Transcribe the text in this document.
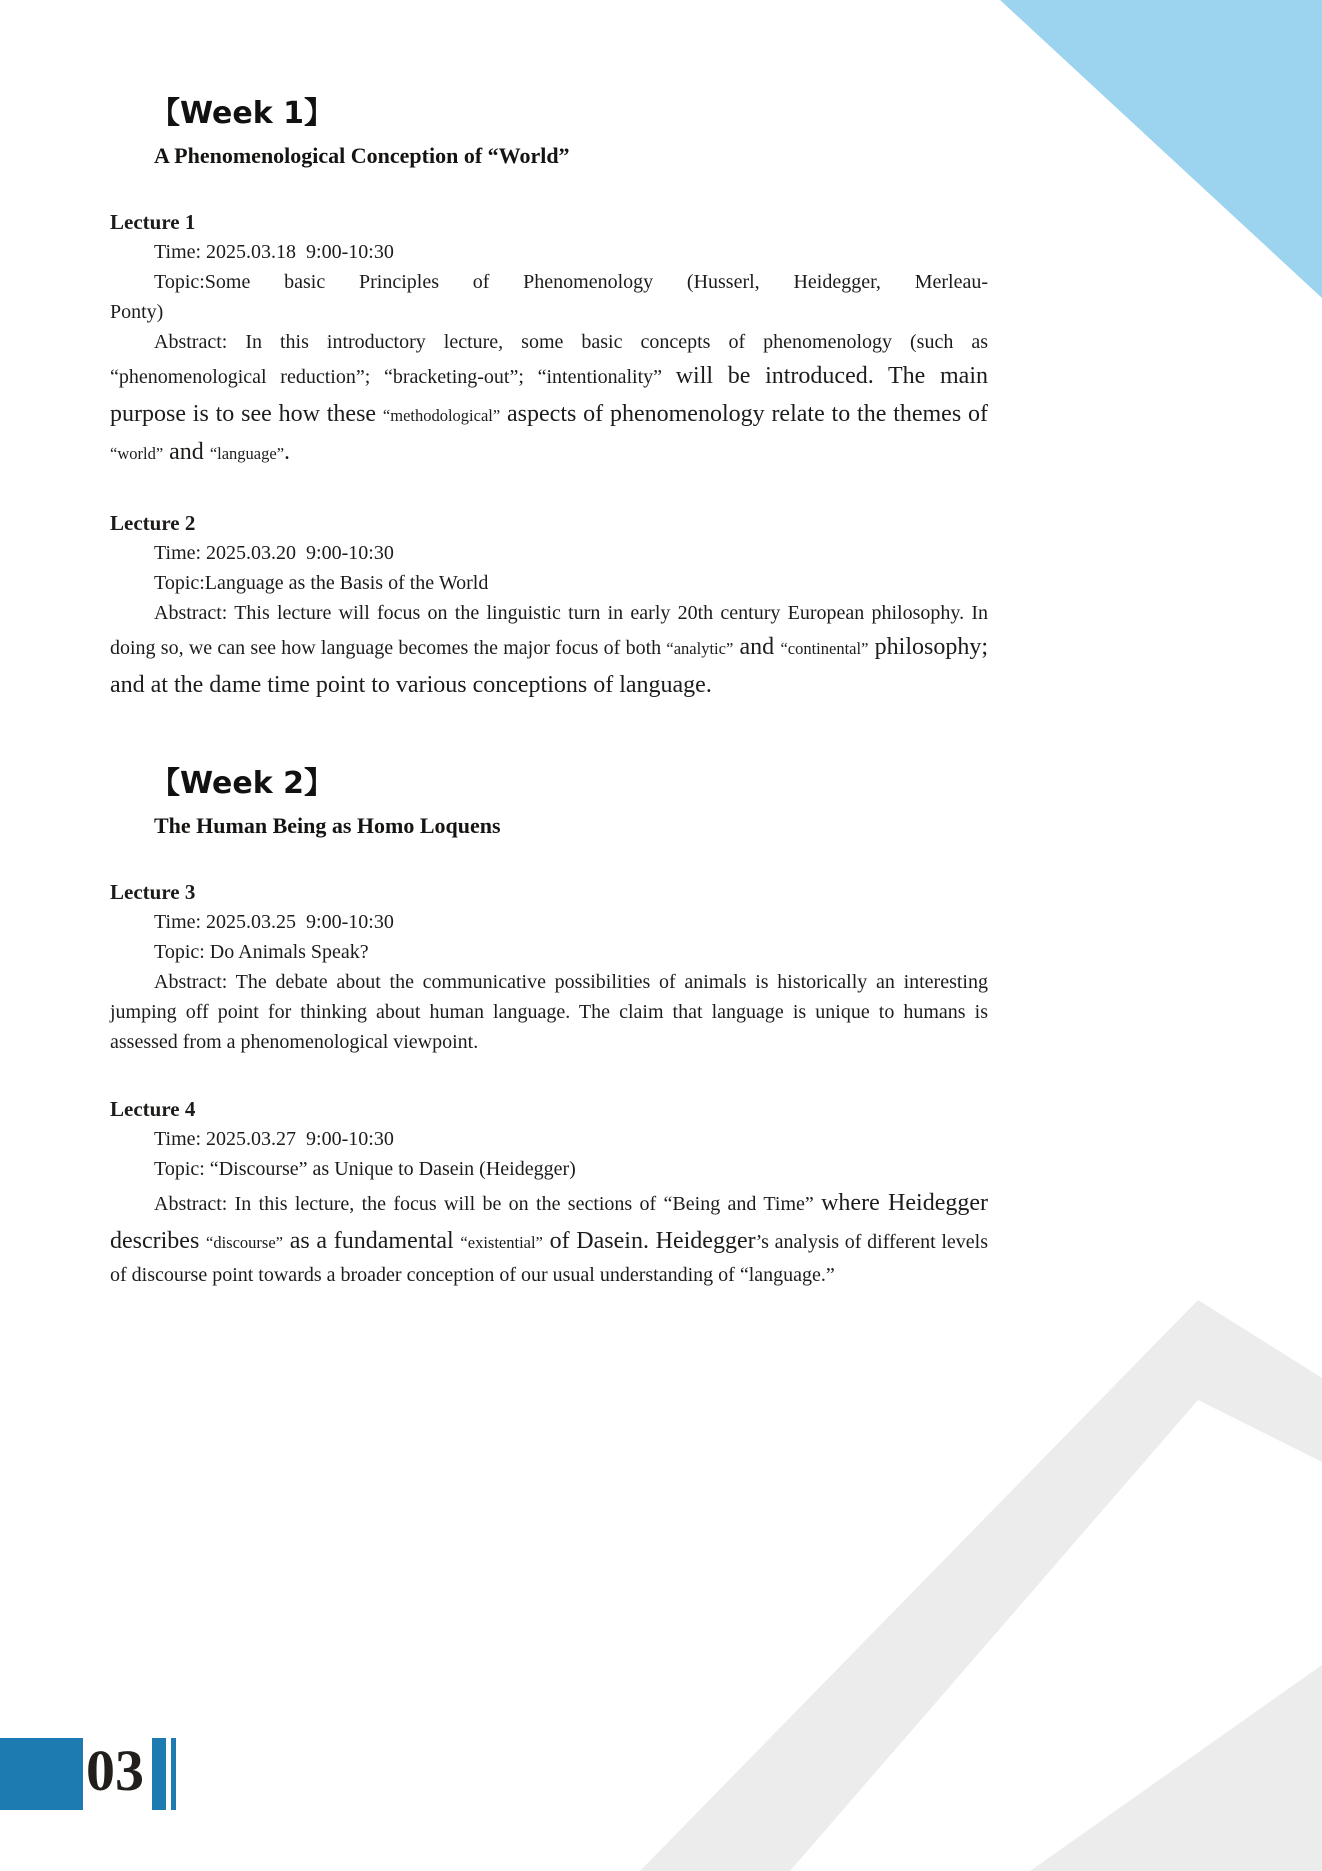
【Week 1】
A Phenomenological Conception of “World”
Lecture 1

Time: 2025.03.18  9:00-10:30

Topic:Some basic Principles of Phenomenology (Husserl, Heidegger, Merleau-
Ponty)

Abstract: In this introductory lecture, some basic concepts of phenomenology (such as “phenomenological reduction”; “bracketing-out”; “intentionality” will be introduced. The main purpose is to see how these “methodological” aspects of phenomenology relate to the themes of “world” and “language”.

Lecture 2

Time: 2025.03.20  9:00-10:30

Topic:Language as the Basis of the World

Abstract: This lecture will focus on the linguistic turn in early 20th century European philosophy. In doing so, we can see how language becomes the major focus of both “analytic” and “continental” philosophy; and at the dame time point to various conceptions of language.

【Week 2】
The Human Being as Homo Loquens
Lecture 3

Time: 2025.03.25  9:00-10:30

Topic: Do Animals Speak?

Abstract: The debate about the communicative possibilities of animals is historically an interesting jumping off point for thinking about human language. The claim that language is unique to humans is assessed from a phenomenological viewpoint.

Lecture 4

Time: 2025.03.27  9:00-10:30

Topic: “Discourse” as Unique to Dasein (Heidegger)

Abstract: In this lecture, the focus will be on the sections of “Being and Time” where Heidegger describes “discourse” as a fundamental “existential” of Dasein. Heidegger’s analysis of different levels of discourse point towards a broader conception of our usual understanding of “language.”

03
